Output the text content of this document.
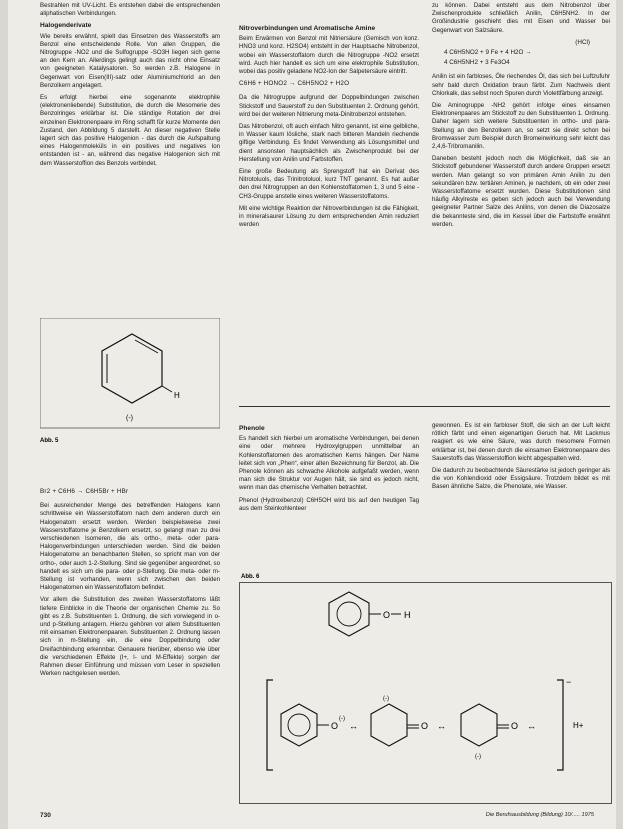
Bestrahlen mit UV-Licht. Es entstehen dabei die entsprechenden aliphatischen Verbindungen.

Halogenderivate

Wie bereits erwähnt, spielt das Einsetzen des Wasserstoffs am Benzol eine entscheidende Rolle. Von allen Gruppen, die Nitrogruppe -NO2 und die Sulfogruppe -SO3H liegen sich gerne an den Kern an. Allerdings gelingt auch das nicht ohne Einsatz von geeigneten Katalysatoren. So werden z.B. Halogene in Gegenwart von Eisen(III)-salz oder Aluminiumchlorid an den Benzolkern angelagert.

Es erfolgt hierbei eine sogenannte elektrophile (elektronenliebende) Substitution, die durch die Mesomerie des Benzolringes erklärbar ist. Die ständige Rotation der drei einzelnen Elektronenpaare im Ring schafft für kurze Momente den Zustand, den Abbildung 5 darstellt. An dieser negativen Stelle lagert sich das positive Halogenion - das durch die Aufspaltung eines Halogenmoleküls in ein positives und negatives Ion entstanden ist - an, während das negative Halogenion sich mit dem Wasserstoffion des Benzols verbindet.

H
(-)
Abb. 5
Br2 + C6H6 → C6H5Br + HBr

Bei ausreichender Menge des betreffenden Halogens kann schrittweise ein Wasserstoffatom nach dem anderen durch ein Halogenatom ersetzt werden. Werden beispielsweise zwei Wasserstoffatome je Benzolkern ersetzt, so gelangt man zu drei verschiedenen Isomeren, die als ortho-, meta- oder para-Halogenverbindungen unterschieden werden. Sind die beiden Halogenatome an benachbarten Stellen, so spricht man von der ortho-, oder auch 1-2-Stellung. Sind sie gegenüber angeordnet, so handelt es sich um die para- oder p-Stellung. Die meta- oder m-Stellung ist vorhanden, wenn sich zwischen den beiden Halogenatomen ein Wasserstoffatom befindet.

Vor allem die Substitution des zweiten Wasserstoffatoms läßt tiefere Einblicke in die Theorie der organischen Chemie zu. So gibt es z.B. Substituenten 1. Ordnung, die sich vorwiegend in o- und p-Stellung anlagern. Hierzu gehören vor allem Substituenten mit einsamen Elektronenpaaren. Substituenten 2. Ordnung lassen sich in m-Stellung ein, die eine Doppelbindung oder Dreifachbindung erkennbar. Genauere hierüber, ebenso wie über die verschiedenen Effekte (I+, I- und M-Effekte) sorgen der Rahmen dieser Einführung und müssen vom Leser in speziellen Werken nachgelesen werden.

Nitroverbindungen und Aromatische Amine

Beim Erwärmen von Benzol mit Nitriersäure (Gemisch von konz. HNO3 und konz. H2SO4) entsteht in der Hauptsache Nitrobenzol, wobei ein Wasserstoffatom durch die Nitrogruppe -NO2 ersetzt wird. Auch hier handelt es sich um eine elektrophile Substitution, wobei das positiv geladene NO2-Ion der Salpetersäure eintritt.

C6H6 + HONO2 → C6H5NO2 + H2O

Da die Nitrogruppe aufgrund der Doppelbindungen zwischen Stickstoff und Sauerstoff zu den Substituenten 2. Ordnung gehört, wird bei der weiteren Nitrierung meta-Dinitrobenzol entstehen.

Das Nitrobenzol, oft auch einfach Nitro genannt, ist eine gelbliche, in Wasser kaum lösliche, stark nach bitteren Mandeln riechende giftige Verbindung. Es findet Verwendung als Lösungsmittel und dient ansonsten hauptsächlich als Zwischenprodukt bei der Herstellung von Anilin und Farbstoffen.

Eine große Bedeutung als Sprengstoff hat ein Derivat des Nitrotoluols, das Trinitrotoluol, kurz TNT genannt. Es hat außer den drei Nitrogruppen an den Kohlenstoffatomen 1, 3 und 5 eine -CH3-Gruppe anstelle eines weiteren Wasserstoffatoms.

Mit eine wichtige Reaktion der Nitroverbindungen ist die Fähigkeit, in mineralsaurer Lösung zu dem entsprechenden Amin reduziert werden

zu können. Dabei entsteht aus dem Nitrobenzol über Zwischenprodukte schließlich Anilin, C6H5NH2. In der Großindustrie geschieht dies mit Eisen und Wasser bei Gegenwart von Salzsäure.

(HCl)
4 C6H5NO2 + 9 Fe + 4 H2O →
4 C6H5NH2 + 3 Fe3O4

Anilin ist ein farbloses, Öle riechendes Öl, das sich bei Luftzufuhr sehr bald durch Oxidation braun färbt. Zum Nachweis dient Chlorkalk, das selbst noch Spuren durch Violettfärbung anzeigt.

Die Aminogruppe -NH2 gehört infolge eines einsamen Elektronenpaares am Stickstoff zu den Substituenten 1. Ordnung. Daher lagern sich weitere Substituenten in ortho- und para-Stellung an den Benzolkern an, so setzt sie direkt schon bei Bromwasser zum Beispiel durch Bromeinwirkung sehr leicht das 2,4,6-Tribromanilin.

Daneben besteht jedoch noch die Möglichkeit, daß sie an Stickstoff gebundener Wasserstoff durch andere Gruppen ersetzt werden. Man gelangt so von primären Amin Anilin zu den sekundären bzw. tertiären Aminen, je nachdem, ob ein oder zwei Wasserstoffatome ersetzt wurden. Diese Substitutionen sind häufig Alkylreste es geben sich jedoch auch bei Verwendung geeigneter Partner Salze des Anilins, von denen die Diazosalze die bekannteste sind, die im Kessel über die Farbstoffe erwähnt werden.

Phenole

Es handelt sich hierbei um aromatische Verbindungen, bei denen eine oder mehrere Hydroxylgruppen unmittelbar an Kohlenstoffatomen des aromatischen Kerns hängen. Der Name leitet sich von „Phen“, einer alten Bezeichnung für Benzol, ab. Die Phenole können als schwache Alkohole aufgefaßt werden, wenn man sich die Struktur vor Augen hält, sie sind es jedoch nicht, wenn man das chemische Verhalten betrachtet.

Phenol (Hydroxibenzol) C6H5OH wird bis auf den heutigen Tag aus dem Steinkohlenteer

gewonnen. Es ist ein farbloser Stoff, die sich an der Luft leicht rötlich färbt und einen eigenartigen Geruch hat. Mit Lackmus reagiert es wie eine Säure, was durch mesomere Formen erklärbar ist, bei denen durch die einsamen Elektronenpaare des Sauerstoffs das Wasserstoffion leicht abgespalten wird.

Die dadurch zu beobachtende Säurestärke ist jedoch geringer als die von Kohlendioxid oder Essigsäure. Trotzdem bildet es mit Basen ähnliche Salze, die Phenolate, wie Wasser.

Abb. 6
O H
−
H+
O
(-)
↔	O
(-)
↔	O
(-)
↔
730	Die Berufsausbildung (Bildung) 10/..... 1975
